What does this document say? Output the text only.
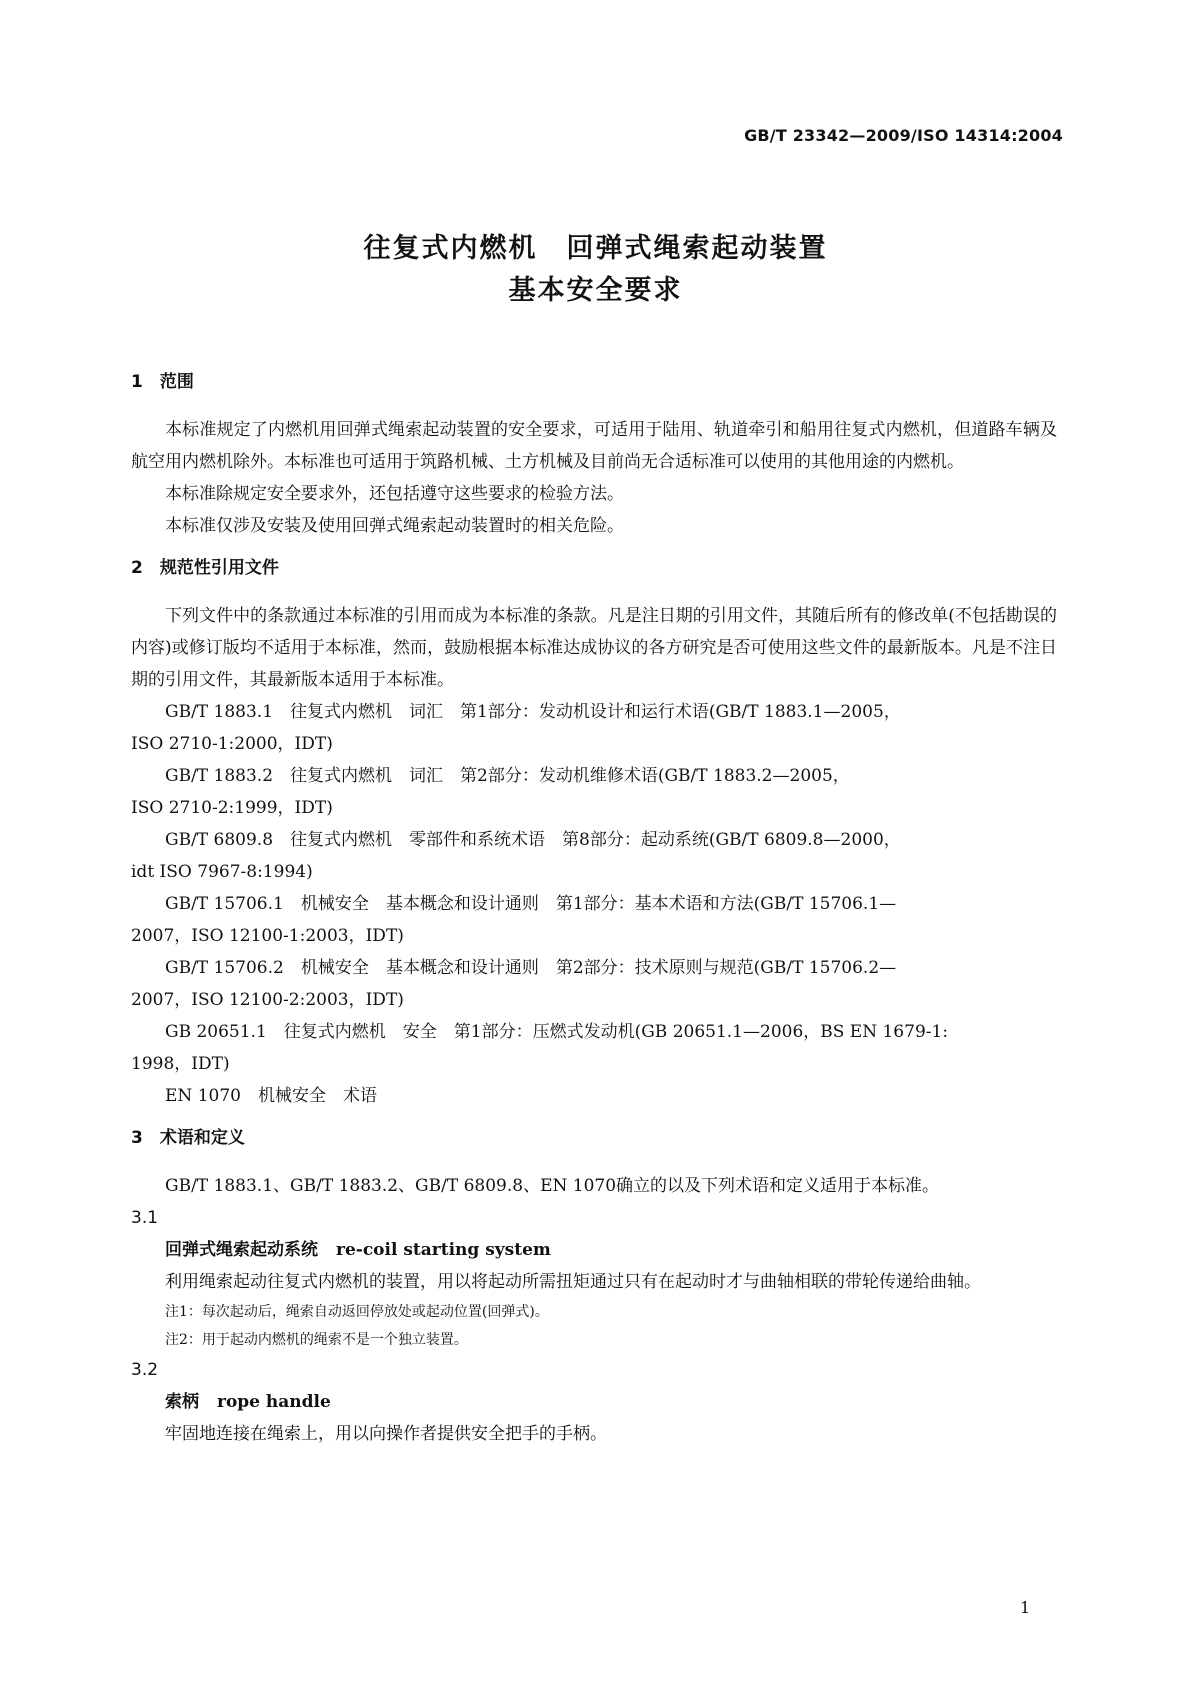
GB/T 23342—2009/ISO 14314:2004
往复式内燃机　回弹式绳索起动装置
基本安全要求

1　范围

本标准规定了内燃机用回弹式绳索起动装置的安全要求，可适用于陆用、轨道牵引和船用往复式内燃机，但道路车辆及航空用内燃机除外。本标准也可适用于筑路机械、土方机械及目前尚无合适标准可以使用的其他用途的内燃机。

本标准除规定安全要求外，还包括遵守这些要求的检验方法。

本标准仅涉及安装及使用回弹式绳索起动装置时的相关危险。

2　规范性引用文件

下列文件中的条款通过本标准的引用而成为本标准的条款。凡是注日期的引用文件，其随后所有的修改单(不包括勘误的内容)或修订版均不适用于本标准，然而，鼓励根据本标准达成协议的各方研究是否可使用这些文件的最新版本。凡是不注日期的引用文件，其最新版本适用于本标准。

GB/T 1883.1　往复式内燃机　词汇　第1部分：发动机设计和运行术语(GB/T 1883.1—2005，
ISO 2710-1:2000，IDT)
GB/T 1883.2　往复式内燃机　词汇　第2部分：发动机维修术语(GB/T 1883.2—2005，
ISO 2710-2:1999，IDT)
GB/T 6809.8　往复式内燃机　零部件和系统术语　第8部分：起动系统(GB/T 6809.8—2000，
idt ISO 7967-8:1994)
GB/T 15706.1　机械安全　基本概念和设计通则　第1部分：基本术语和方法(GB/T 15706.1—
2007，ISO 12100-1:2003，IDT)
GB/T 15706.2　机械安全　基本概念和设计通则　第2部分：技术原则与规范(GB/T 15706.2—
2007，ISO 12100-2:2003，IDT)
GB 20651.1　往复式内燃机　安全　第1部分：压燃式发动机(GB 20651.1—2006，BS EN 1679-1:
1998，IDT)
EN 1070　机械安全　术语

3　术语和定义

GB/T 1883.1、GB/T 1883.2、GB/T 6809.8、EN 1070确立的以及下列术语和定义适用于本标准。

3.1

回弹式绳索起动系统 re-coil starting system

利用绳索起动往复式内燃机的装置，用以将起动所需扭矩通过只有在起动时才与曲轴相联的带轮传递给曲轴。

注1：每次起动后，绳索自动返回停放处或起动位置(回弹式)。

注2：用于起动内燃机的绳索不是一个独立装置。

3.2

索柄 rope handle

牢固地连接在绳索上，用以向操作者提供安全把手的手柄。

1
